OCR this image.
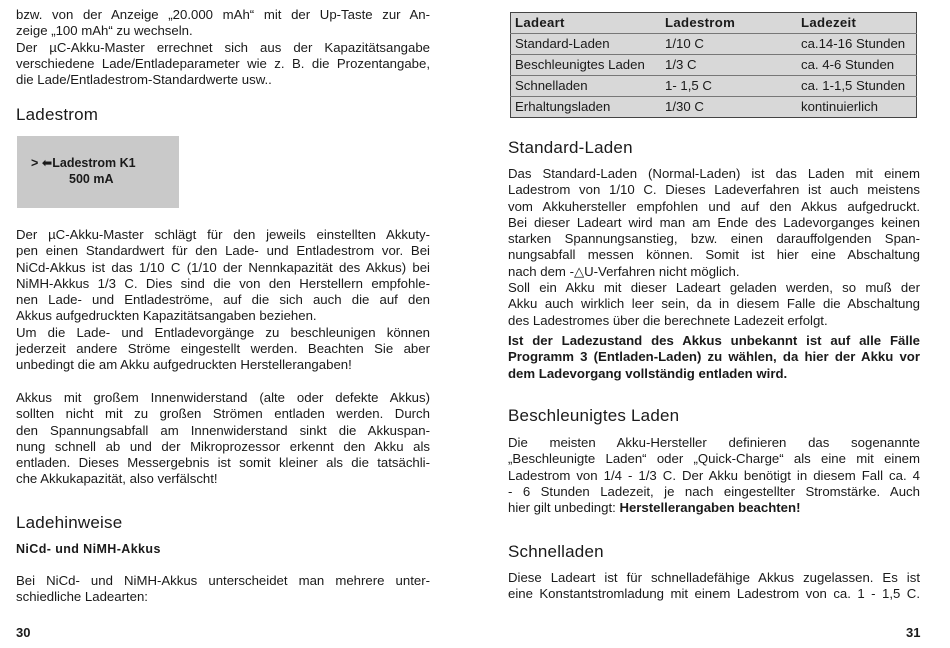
bzw. von der Anzeige „20.000 mAh“ mit der Up-Taste zur An-

zeige „100 mAh“ zu wechseln.

Der µC-Akku-Master errechnet sich aus der Kapazitätsangabe

verschiedene Lade/Entladeparameter wie z. B. die Prozentangabe,

die Lade/Entladestrom-Standardwerte usw..

Ladestrom
> ⬅Ladestrom K1
500 mA

Der µC-Akku-Master schlägt für den jeweils einstellten Akkuty-

pen einen Standardwert für den Lade- und Entladestrom vor. Bei

NiCd-Akkus ist das 1/10 C (1/10 der Nennkapazität des Akkus) bei

NiMH-Akkus 1/3 C. Dies sind die von den Herstellern empfohle-

nen Lade- und Entladeströme, auf die sich auch die auf den

Akkus aufgedruckten Kapazitätsangaben beziehen.

Um die Lade- und Entladevorgänge zu beschleunigen können

jederzeit andere Ströme eingestellt werden. Beachten Sie aber

unbedingt die am Akku aufgedruckten Herstellerangaben!

Akkus mit großem Innenwiderstand (alte oder defekte Akkus)

sollten nicht mit zu großen Strömen entladen werden. Durch

den Spannungsabfall am Innenwiderstand sinkt die Akkuspan-

nung schnell ab und der Mikroprozessor erkennt den Akku als

entladen. Dieses Messergebnis ist somit kleiner als die tatsächli-

che Akkukapazität, also verfälscht!

Ladehinweise
NiCd- und NiMH-Akkus

Bei NiCd- und NiMH-Akkus unterscheidet man mehrere unter-

schiedliche Ladearten:

30
Ladeart	Ladestrom	Ladezeit
Standard-Laden	1/10 C	ca.14-16 Stunden
Beschleunigtes Laden	1/3 C	ca. 4-6 Stunden
Schnelladen	1- 1,5 C	ca. 1-1,5 Stunden
Erhaltungsladen	1/30 C	kontinuierlich
Standard-Laden

Das Standard-Laden (Normal-Laden) ist das Laden mit einem

Ladestrom von 1/10 C. Dieses Ladeverfahren ist auch meistens

vom Akkuhersteller empfohlen und auf den Akkus aufgedruckt.

Bei dieser Ladeart wird man am Ende des Ladevorganges keinen

starken Spannungsanstieg, bzw. einen darauffolgenden Span-

nungsabfall messen können. Somit ist hier eine Abschaltung

nach dem -△U-Verfahren nicht möglich.

Soll ein Akku mit dieser Ladeart geladen werden, so muß der

Akku auch wirklich leer sein, da in diesem Falle die Abschaltung

des Ladestromes über die berechnete Ladezeit erfolgt.

Ist der Ladezustand des Akkus unbekannt ist auf alle Fälle

Programm 3 (Entladen-Laden) zu wählen, da hier der Akku vor

dem Ladevorgang vollständig entladen wird.

Beschleunigtes Laden

Die meisten Akku-Hersteller definieren das sogenannte

„Beschleunigte Laden“ oder „Quick-Charge“ als eine mit einem

Ladestrom von 1/4 - 1/3 C. Der Akku benötigt in diesem Fall ca. 4

- 6 Stunden Ladezeit, je nach eingestellter Stromstärke. Auch

hier gilt unbedingt: Herstellerangaben beachten!

Schnelladen

Diese Ladeart ist für schnelladefähige Akkus zugelassen. Es ist

eine Konstantstromladung mit einem Ladestrom von ca. 1 - 1,5 C.

31
